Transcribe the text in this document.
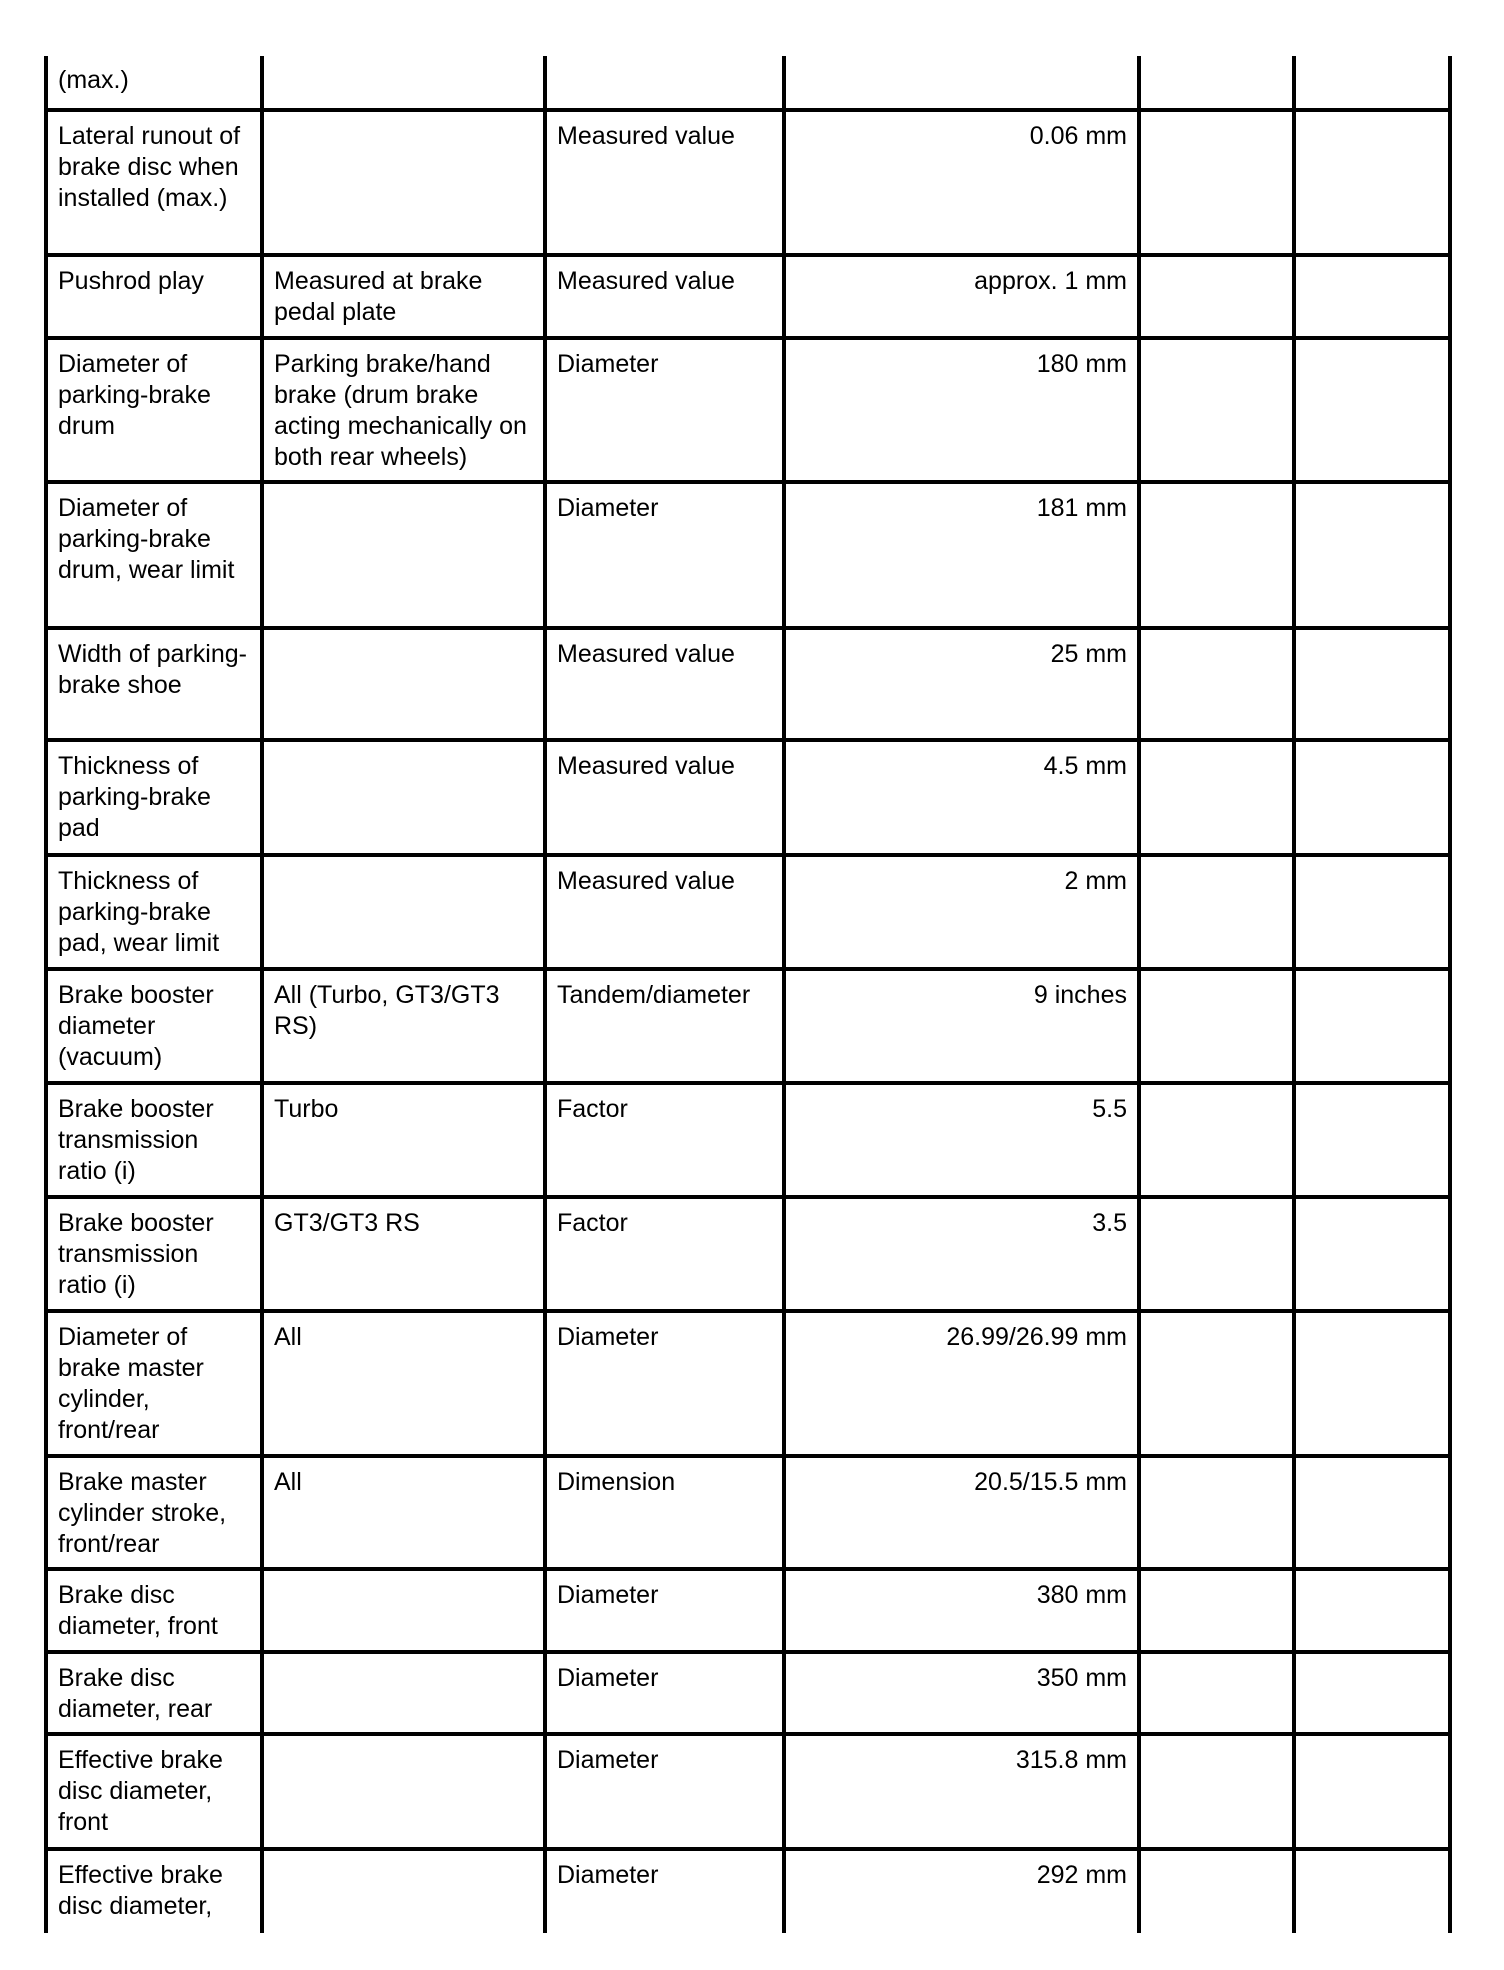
(max.)					
Lateral runout of brake disc when installed (max.)		Measured value	0.06 mm		
Pushrod play	Measured at brake pedal plate	Measured value	approx. 1 mm		
Diameter of parking-brake drum	Parking brake/hand brake (drum brake acting mechanically on both rear wheels)	Diameter	180 mm		
Diameter of parking-brake drum, wear limit		Diameter	181 mm		
Width of parking-brake shoe		Measured value	25 mm		
Thickness of parking-brake pad		Measured value	4.5 mm		
Thickness of parking-brake pad, wear limit		Measured value	2 mm		
Brake booster diameter (vacuum)	All (Turbo, GT3/GT3 RS)	Tandem/diameter	9 inches		
Brake booster transmission ratio (i)	Turbo	Factor	5.5		
Brake booster transmission ratio (i)	GT3/GT3 RS	Factor	3.5		
Diameter of brake master cylinder, front/rear	All	Diameter	26.99/26.99 mm		
Brake master cylinder stroke, front/rear	All	Dimension	20.5/15.5 mm		
Brake disc diameter, front		Diameter	380 mm		
Brake disc diameter, rear		Diameter	350 mm		
Effective brake disc diameter, front		Diameter	315.8 mm		
Effective brake disc diameter,		Diameter	292 mm		
